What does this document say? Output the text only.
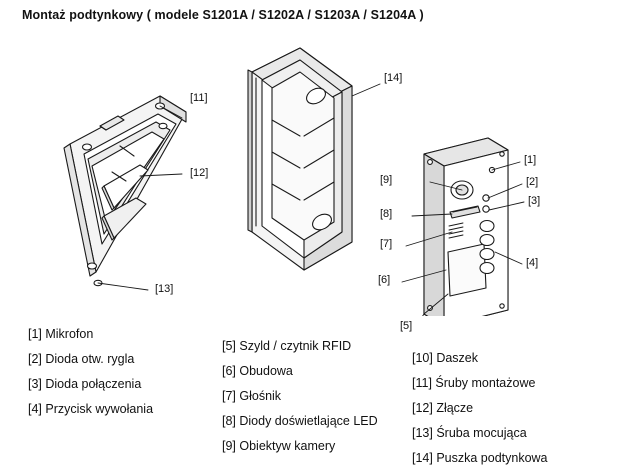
Montaż podtynkowy ( modele S1201A / S1202A / S1203A / S1204A )
[11]
[12]
[13]
[14]
[9]
[8]
[7]
[6]
[5]
[1]
[2]
[3]
[4]
[1] Mikrofon
[2] Dioda otw. rygla
[3] Dioda połączenia
[4] Przycisk wywołania
[5] Szyld / czytnik RFID
[6] Obudowa
[7] Głośnik
[8] Diody doświetlające LED
[9] Obiektyw kamery
[10] Daszek
[11] Śruby montażowe
[12] Złącze
[13] Śruba mocująca
[14] Puszka podtynkowa
